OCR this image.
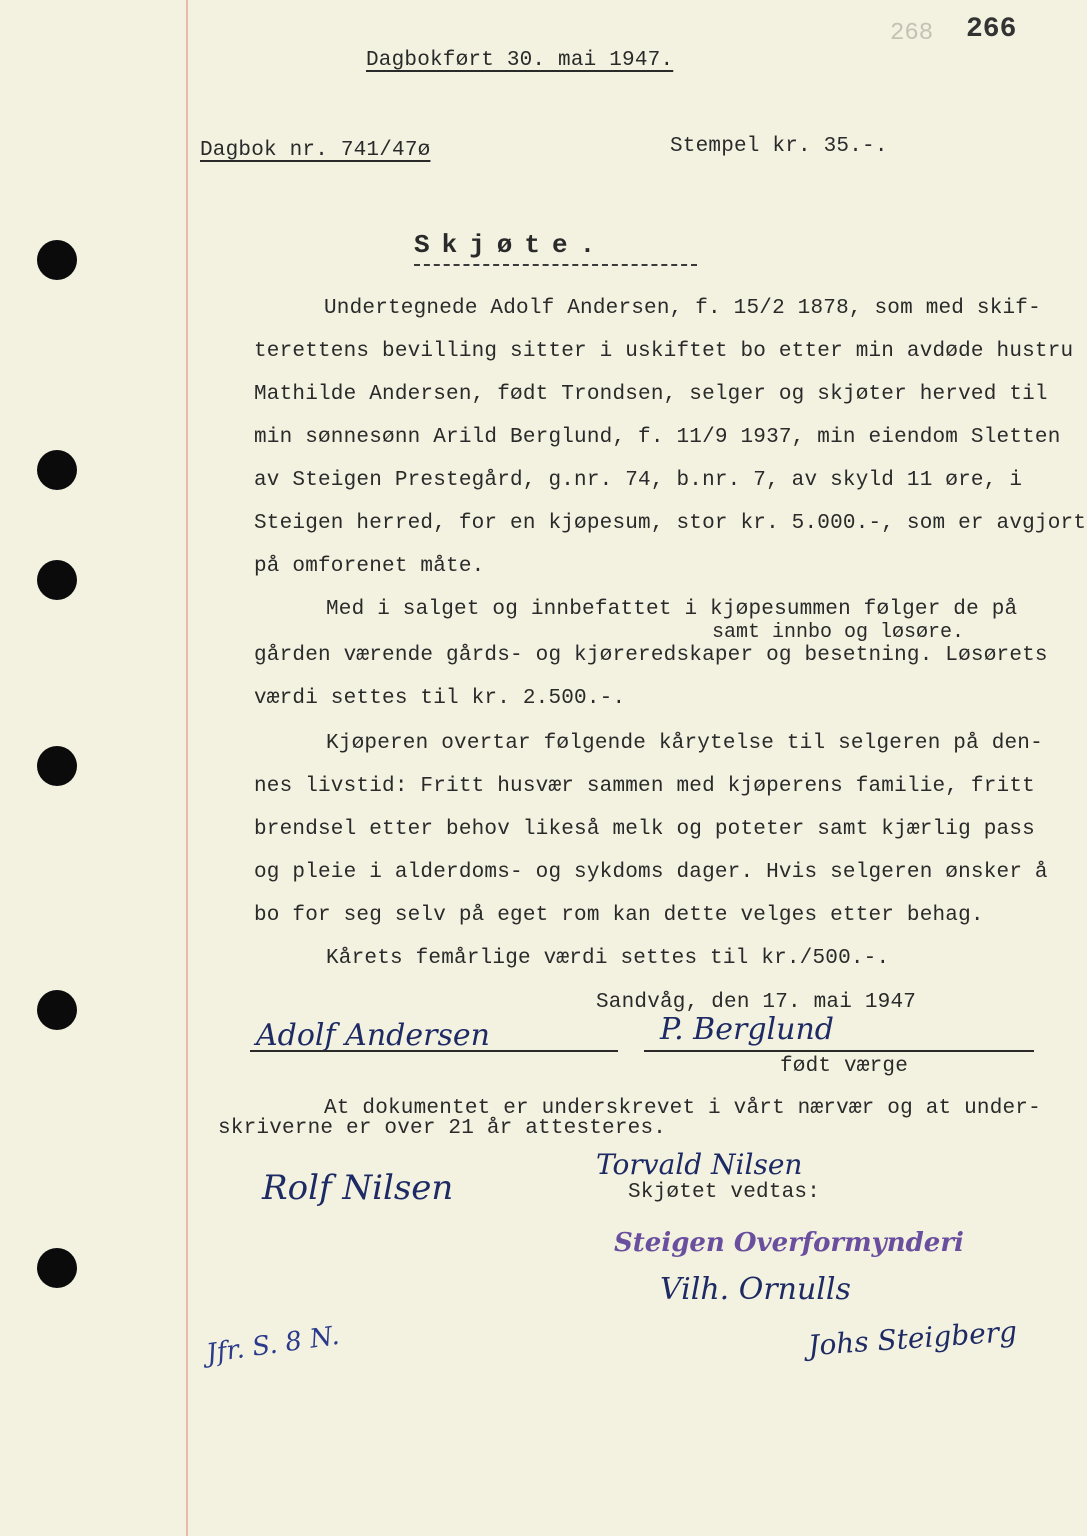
268 266
Dagbokført 30. mai 1947.
Dagbok nr. 741/47ø	Stempel kr. 35.-.
Skjøte.
Undertegnede Adolf Andersen, f. 15/2 1878, som med skif-
terettens bevilling sitter i uskiftet bo etter min avdøde hustru
Mathilde Andersen, født Trondsen, selger og skjøter herved til
min sønnesønn Arild Berglund, f. 11/9 1937, min eiendom Sletten
av Steigen Prestegård, g.nr. 74, b.nr. 7, av skyld 11 øre, i
Steigen herred, for en kjøpesum, stor kr. 5.000.-, som er avgjort
på omforenet måte.
Med i salget og innbefattet i kjøpesummen følger de på
samt innbo og løsøre.
gården værende gårds- og kjøreredskaper og besetning. Løsørets
værdi settes til kr. 2.500.-.
Kjøperen overtar følgende kårytelse til selgeren på den-
nes livstid: Fritt husvær sammen med kjøperens familie, fritt
brendsel etter behov likeså melk og poteter samt kjærlig pass
og pleie i alderdoms- og sykdoms dager. Hvis selgeren ønsker å
bo for seg selv på eget rom kan dette velges etter behag.
Kårets femårlige værdi settes til kr./500.-.
Sandvåg, den 17. mai 1947
Adolf Andersen	P. Berglund
født værge
At dokumentet er underskrevet i vårt nærvær og at under-
skriverne er over 21 år attesteres.
Torvald Nilsen
Rolf Nilsen	Skjøtet vedtas:
Steigen Overformynderi
Vilh. Ornulls
Johs Steigberg
Jfr. S. 8 N.
